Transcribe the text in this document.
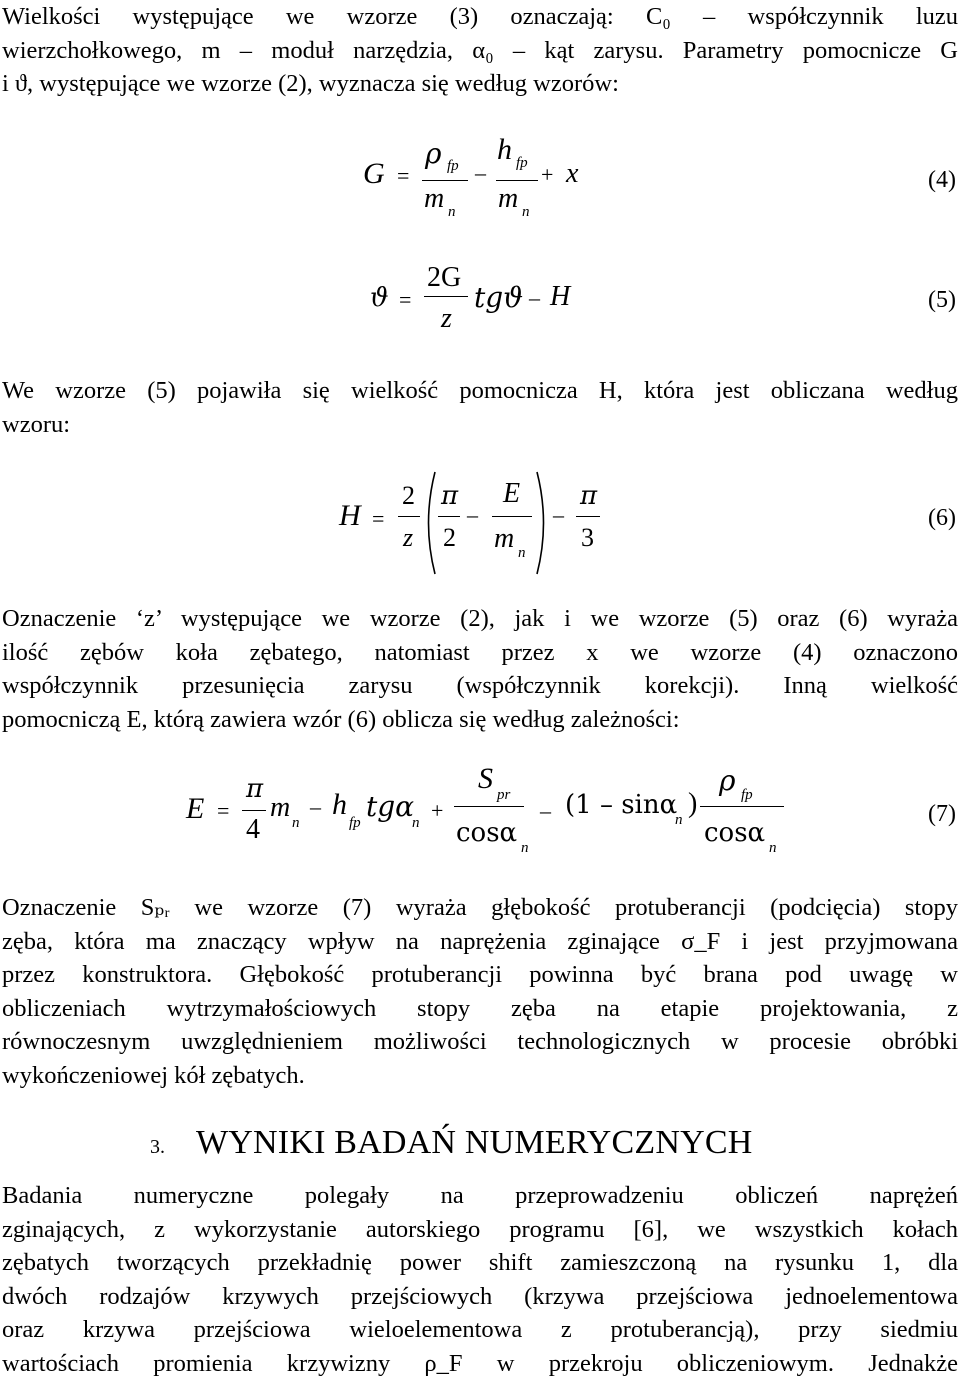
Wielkości występujące we wzorze (3) oznaczają: C₀ – współczynnik luzu
wierzchołkowego, m – moduł narzędzia, α₀ – kąt zarysu. Parametry pomocnicze G
i ϑ, występujące we wzorze (2), wyznacza się według wzorów:
G =
ρ fp
m n
–
h fp
m n
+ x	(4)
ϑ =
2G
z
tgϑ – H	(5)
We wzorze (5) pojawiła się wielkość pomocnicza H, która jest obliczana według
wzoru:
H =
2
z
π
2
–
E
m n
–
π
3
(6)
Oznaczenie ‘z’ występujące we wzorze (2), jak i we wzorze (5) oraz (6) wyraża
ilość zębów koła zębatego, natomiast przez x we wzorze (4) oznaczono
współczynnik przesunięcia zarysu (współczynnik korekcji). Inną wielkość
pomocniczą E, którą zawiera wzór (6) oblicza się według zależności:
E =
π
4
m n
– h
fp tgα
n +
S pr
cosα n
– (1 – sinα
n
)
ρ fp
cosα n
(7)
Oznaczenie Sₚᵣ we wzorze (7) wyraża głębokość protuberancji (podcięcia) stopy
zęba, która ma znaczący wpływ na naprężenia zginające σ_F i jest przyjmowana
przez konstruktora. Głębokość protuberancji powinna być brana pod uwagę w
obliczeniach wytrzymałościowych stopy zęba na etapie projektowania, z
równoczesnym uwzględnieniem możliwości technologicznych w procesie obróbki
wykończeniowej kół zębatych.
3. WYNIKI BADAŃ NUMERYCZNYCH
Badania numeryczne polegały na przeprowadzeniu obliczeń naprężeń
zginających, z wykorzystanie autorskiego programu [6], we wszystkich kołach
zębatych tworzących przekładnię power shift zamieszczoną na rysunku 1, dla
dwóch rodzajów krzywych przejściowych (krzywa przejściowa jednoelementowa
oraz krzywa przejściowa wieloelementowa z protuberancją), przy siedmiu
wartościach promienia krzywizny ρ_F w przekroju obliczeniowym. Jednakże
